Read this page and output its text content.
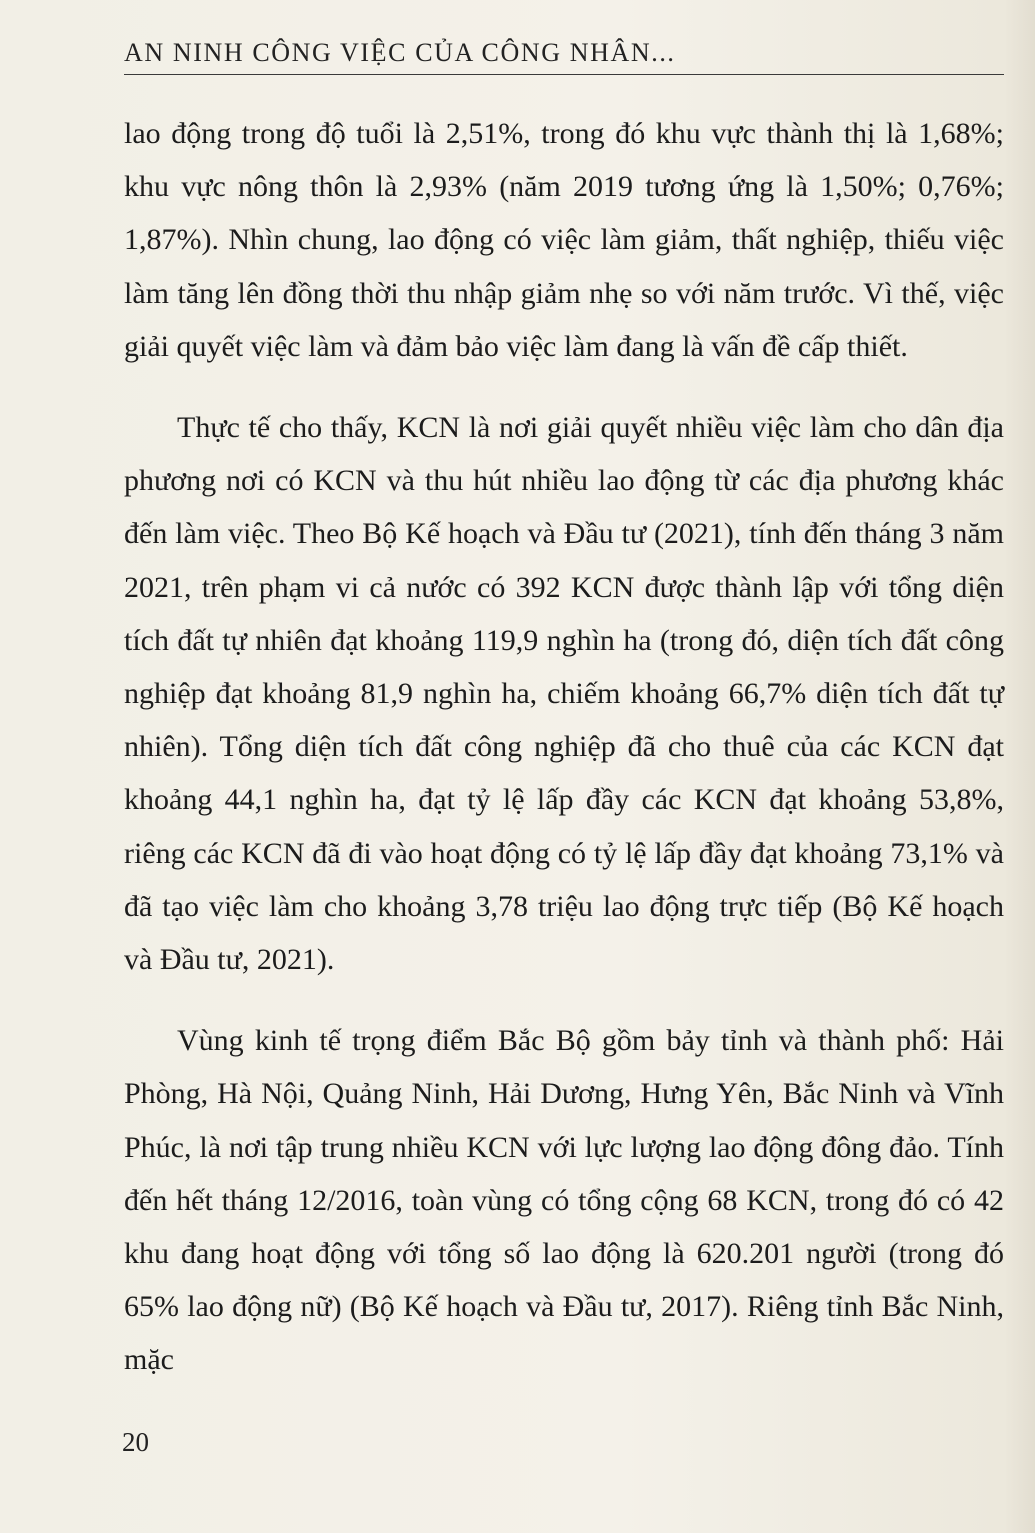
AN NINH CÔNG VIỆC CỦA CÔNG NHÂN...

lao động trong độ tuổi là 2,51%, trong đó khu vực thành thị là 1,68%; khu vực nông thôn là 2,93% (năm 2019 tương ứng là 1,50%; 0,76%; 1,87%). Nhìn chung, lao động có việc làm giảm, thất nghiệp, thiếu việc làm tăng lên đồng thời thu nhập giảm nhẹ so với năm trước. Vì thế, việc giải quyết việc làm và đảm bảo việc làm đang là vấn đề cấp thiết.

Thực tế cho thấy, KCN là nơi giải quyết nhiều việc làm cho dân địa phương nơi có KCN và thu hút nhiều lao động từ các địa phương khác đến làm việc. Theo Bộ Kế hoạch và Đầu tư (2021), tính đến tháng 3 năm 2021, trên phạm vi cả nước có 392 KCN được thành lập với tổng diện tích đất tự nhiên đạt khoảng 119,9 nghìn ha (trong đó, diện tích đất công nghiệp đạt khoảng 81,9 nghìn ha, chiếm khoảng 66,7% diện tích đất tự nhiên). Tổng diện tích đất công nghiệp đã cho thuê của các KCN đạt khoảng 44,1 nghìn ha, đạt tỷ lệ lấp đầy các KCN đạt khoảng 53,8%, riêng các KCN đã đi vào hoạt động có tỷ lệ lấp đầy đạt khoảng 73,1% và đã tạo việc làm cho khoảng 3,78 triệu lao động trực tiếp (Bộ Kế hoạch và Đầu tư, 2021).

Vùng kinh tế trọng điểm Bắc Bộ gồm bảy tỉnh và thành phố: Hải Phòng, Hà Nội, Quảng Ninh, Hải Dương, Hưng Yên, Bắc Ninh và Vĩnh Phúc, là nơi tập trung nhiều KCN với lực lượng lao động đông đảo. Tính đến hết tháng 12/2016, toàn vùng có tổng cộng 68 KCN, trong đó có 42 khu đang hoạt động với tổng số lao động là 620.201 người (trong đó 65% lao động nữ) (Bộ Kế hoạch và Đầu tư, 2017). Riêng tỉnh Bắc Ninh, mặc

20
